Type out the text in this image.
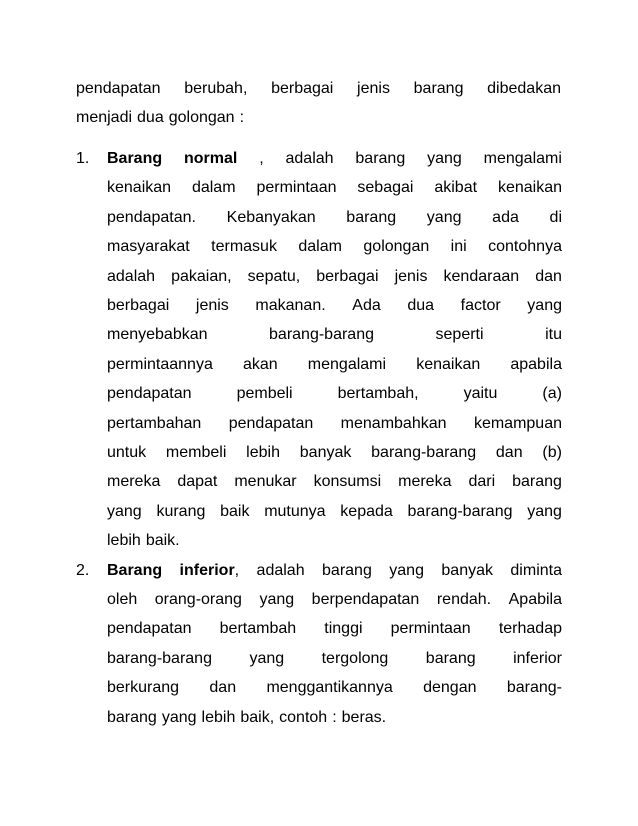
pendapatan berubah, berbagai jenis barang dibedakan
menjadi dua golongan :
Barang normal , adalah barang yang mengalami
1.
kenaikan dalam permintaan sebagai akibat kenaikan
pendapatan. Kebanyakan barang yang ada di
masyarakat termasuk dalam golongan ini contohnya
adalah pakaian, sepatu, berbagai jenis kendaraan dan
berbagai jenis makanan. Ada dua factor yang
menyebabkan	barang-barang	seperti	itu
permintaannya akan mengalami kenaikan apabila
pendapatan	pembeli	bertambah,	yaitu	(a)
pertambahan pendapatan menambahkan kemampuan
untuk membeli lebih banyak barang-barang dan (b)
mereka dapat menukar konsumsi mereka dari barang
yang kurang baik mutunya kepada barang-barang yang
lebih baik.
Barang inferior, adalah barang yang banyak diminta
2.
oleh orang-orang yang berpendapatan rendah. Apabila
pendapatan bertambah tinggi permintaan terhadap
barang-barang yang tergolong barang inferior
berkurang dan menggantikannya dengan barang-
barang yang lebih baik, contoh : beras.
